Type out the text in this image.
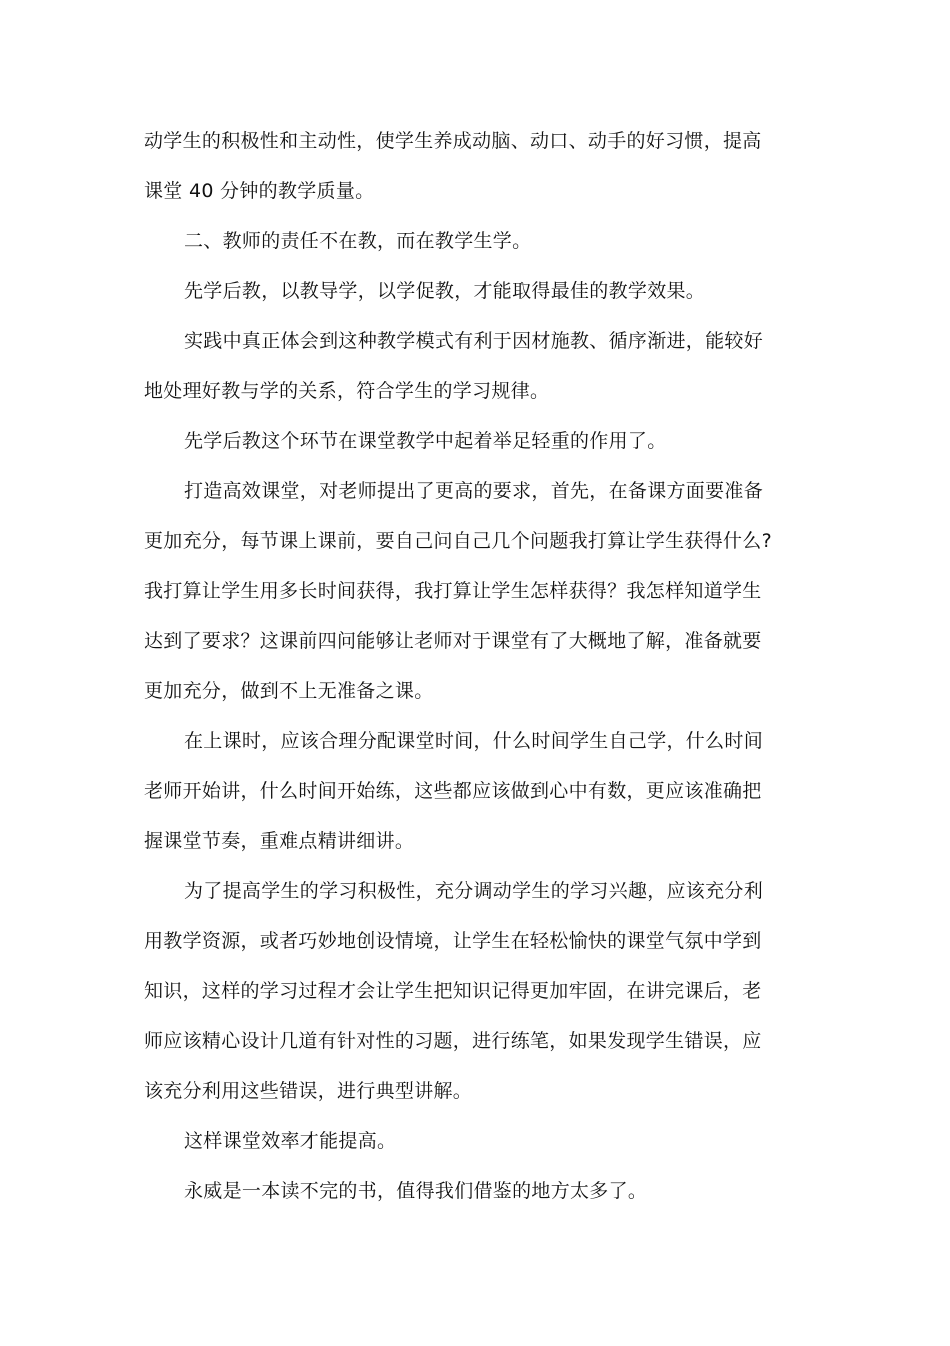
动学生的积极性和主动性，使学生养成动脑、动口、动手的好习惯，提高
课堂 40 分钟的教学质量。
二、教师的责任不在教，而在教学生学。
先学后教，以教导学，以学促教，才能取得最佳的教学效果。
实践中真正体会到这种教学模式有利于因材施教、循序渐进，能较好
地处理好教与学的关系，符合学生的学习规律。
先学后教这个环节在课堂教学中起着举足轻重的作用了。
打造高效课堂，对老师提出了更高的要求，首先，在备课方面要准备
更加充分，每节课上课前，要自己问自己几个问题我打算让学生获得什么?
我打算让学生用多长时间获得，我打算让学生怎样获得？我怎样知道学生
达到了要求？这课前四问能够让老师对于课堂有了大概地了解，准备就要
更加充分，做到不上无准备之课。
在上课时，应该合理分配课堂时间，什么时间学生自己学，什么时间
老师开始讲，什么时间开始练，这些都应该做到心中有数，更应该准确把
握课堂节奏，重难点精讲细讲。
为了提高学生的学习积极性，充分调动学生的学习兴趣，应该充分利
用教学资源，或者巧妙地创设情境，让学生在轻松愉快的课堂气氛中学到
知识，这样的学习过程才会让学生把知识记得更加牢固，在讲完课后，老
师应该精心设计几道有针对性的习题，进行练笔，如果发现学生错误，应
该充分利用这些错误，进行典型讲解。
这样课堂效率才能提高。
永威是一本读不完的书，值得我们借鉴的地方太多了。
